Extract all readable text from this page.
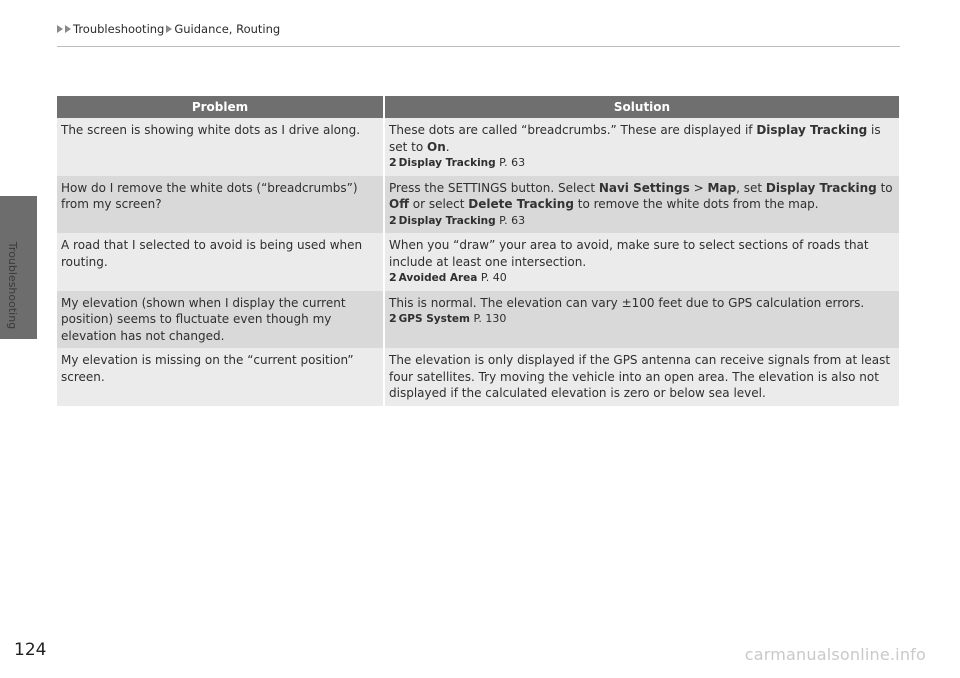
Troubleshooting Guidance, Routing
Troubleshooting
Problem	Solution
The screen is showing white dots as I drive along.	These dots are called “breadcrumbs.” These are displayed if Display Tracking is set to On.
2 Display Tracking P. 63

How do I remove the white dots (“breadcrumbs”) from my screen?	Press the SETTINGS button. Select Navi Settings > Map, set Display Tracking to Off or select Delete Tracking to remove the white dots from the map.
2 Display Tracking P. 63

A road that I selected to avoid is being used when routing.	When you “draw” your area to avoid, make sure to select sections of roads that include at least one intersection.
2 Avoided Area P. 40

My elevation (shown when I display the current position) seems to fluctuate even though my elevation has not changed.	This is normal. The elevation can vary ±100 feet due to GPS calculation errors.
2 GPS System P. 130

My elevation is missing on the “current position” screen.	The elevation is only displayed if the GPS antenna can receive signals from at least four satellites. Try moving the vehicle into an open area. The elevation is also not displayed if the calculated elevation is zero or below sea level.
124	carmanualsonline.info
